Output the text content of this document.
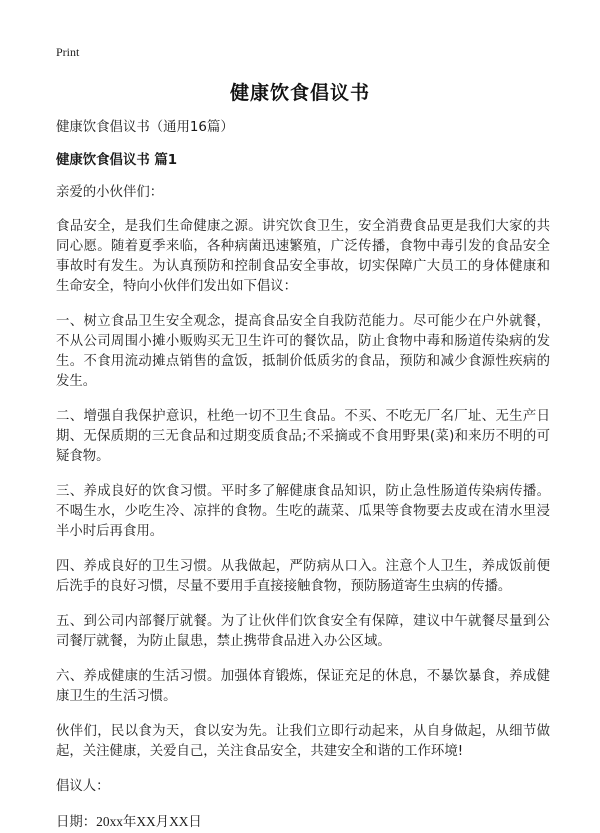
Print
健康饮食倡议书

健康饮食倡议书（通用16篇）

健康饮食倡议书 篇1

亲爱的小伙伴们：

食品安全，是我们生命健康之源。讲究饮食卫生，安全消费食品更是我们大家的共同心愿。随着夏季来临，各种病菌迅速繁殖，广泛传播，食物中毒引发的食品安全事故时有发生。为认真预防和控制食品安全事故，切实保障广大员工的身体健康和生命安全，特向小伙伴们发出如下倡议：

一、树立食品卫生安全观念，提高食品安全自我防范能力。尽可能少在户外就餐，不从公司周围小摊小贩购买无卫生许可的餐饮品，防止食物中毒和肠道传染病的发生。不食用流动摊点销售的盒饭，抵制价低质劣的食品，预防和减少食源性疾病的发生。

二、增强自我保护意识，杜绝一切不卫生食品。不买、不吃无厂名厂址、无生产日期、无保质期的三无食品和过期变质食品;不采摘或不食用野果(菜)和来历不明的可疑食物。

三、养成良好的饮食习惯。平时多了解健康食品知识，防止急性肠道传染病传播。不喝生水，少吃生冷、凉拌的食物。生吃的蔬菜、瓜果等食物要去皮或在清水里浸半小时后再食用。

四、养成良好的卫生习惯。从我做起，严防病从口入。注意个人卫生，养成饭前便后洗手的良好习惯，尽量不要用手直接接触食物，预防肠道寄生虫病的传播。

五、到公司内部餐厅就餐。为了让伙伴们饮食安全有保障，建议中午就餐尽量到公司餐厅就餐，为防止鼠患，禁止携带食品进入办公区域。

六、养成健康的生活习惯。加强体育锻炼，保证充足的休息，不暴饮暴食，养成健康卫生的生活习惯。

伙伴们，民以食为天，食以安为先。让我们立即行动起来，从自身做起，从细节做起，关注健康，关爱自己，关注食品安全，共建安全和谐的工作环境!

倡议人：

日期：20xx年XX月XX日
